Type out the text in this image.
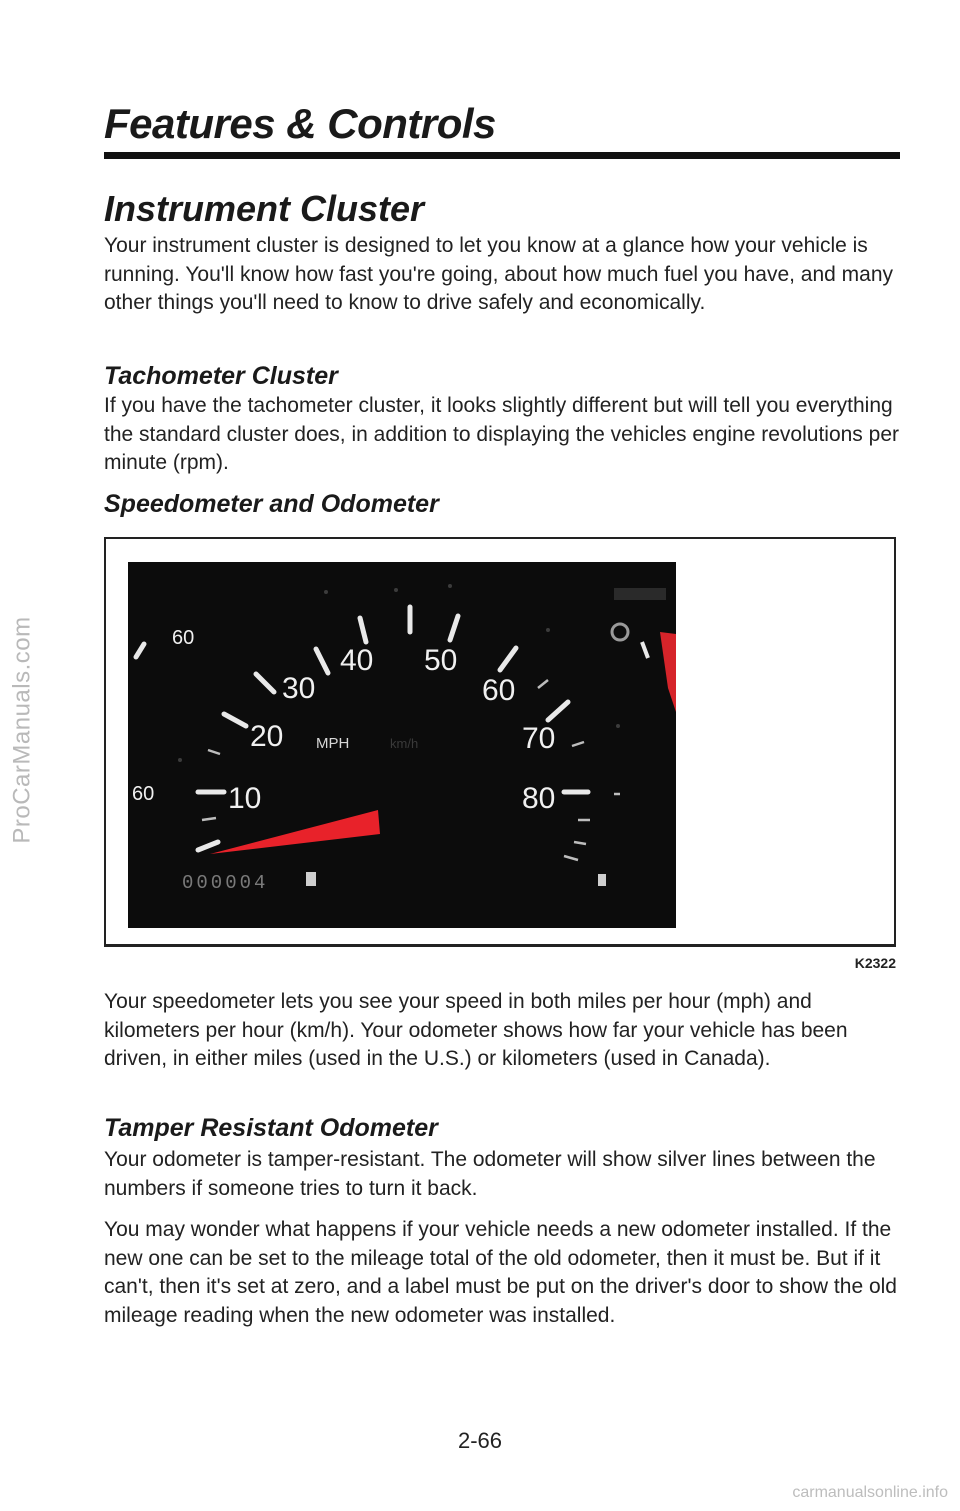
ProCarManuals.com
Features & Controls
Instrument Cluster

Your instrument cluster is designed to let you know at a glance how your vehicle is running. You'll know how fast you're going, about how much fuel you have, and many other things you'll need to know to drive safely and economically.

Tachometer Cluster

If you have the tachometer cluster, it looks slightly different but will tell you everything the standard cluster does, in addition to displaying the vehicles engine revolutions per minute (rpm).

Speedometer and Odometer
10
20
30
40 50
60
70
80
60
60
MPH	km/h
000004
K2322

Your speedometer lets you see your speed in both miles per hour (mph) and kilometers per hour (km/h). Your odometer shows how far your vehicle has been driven, in either miles (used in the U.S.) or kilometers (used in Canada).

Tamper Resistant Odometer

Your odometer is tamper-resistant. The odometer will show silver lines between the numbers if someone tries to turn it back.

You may wonder what happens if your vehicle needs a new odometer installed. If the new one can be set to the mileage total of the old odometer, then it must be. But if it can't, then it's set at zero, and a label must be put on the driver's door to show the old mileage reading when the new odometer was installed.

2-66
carmanualsonline.info
